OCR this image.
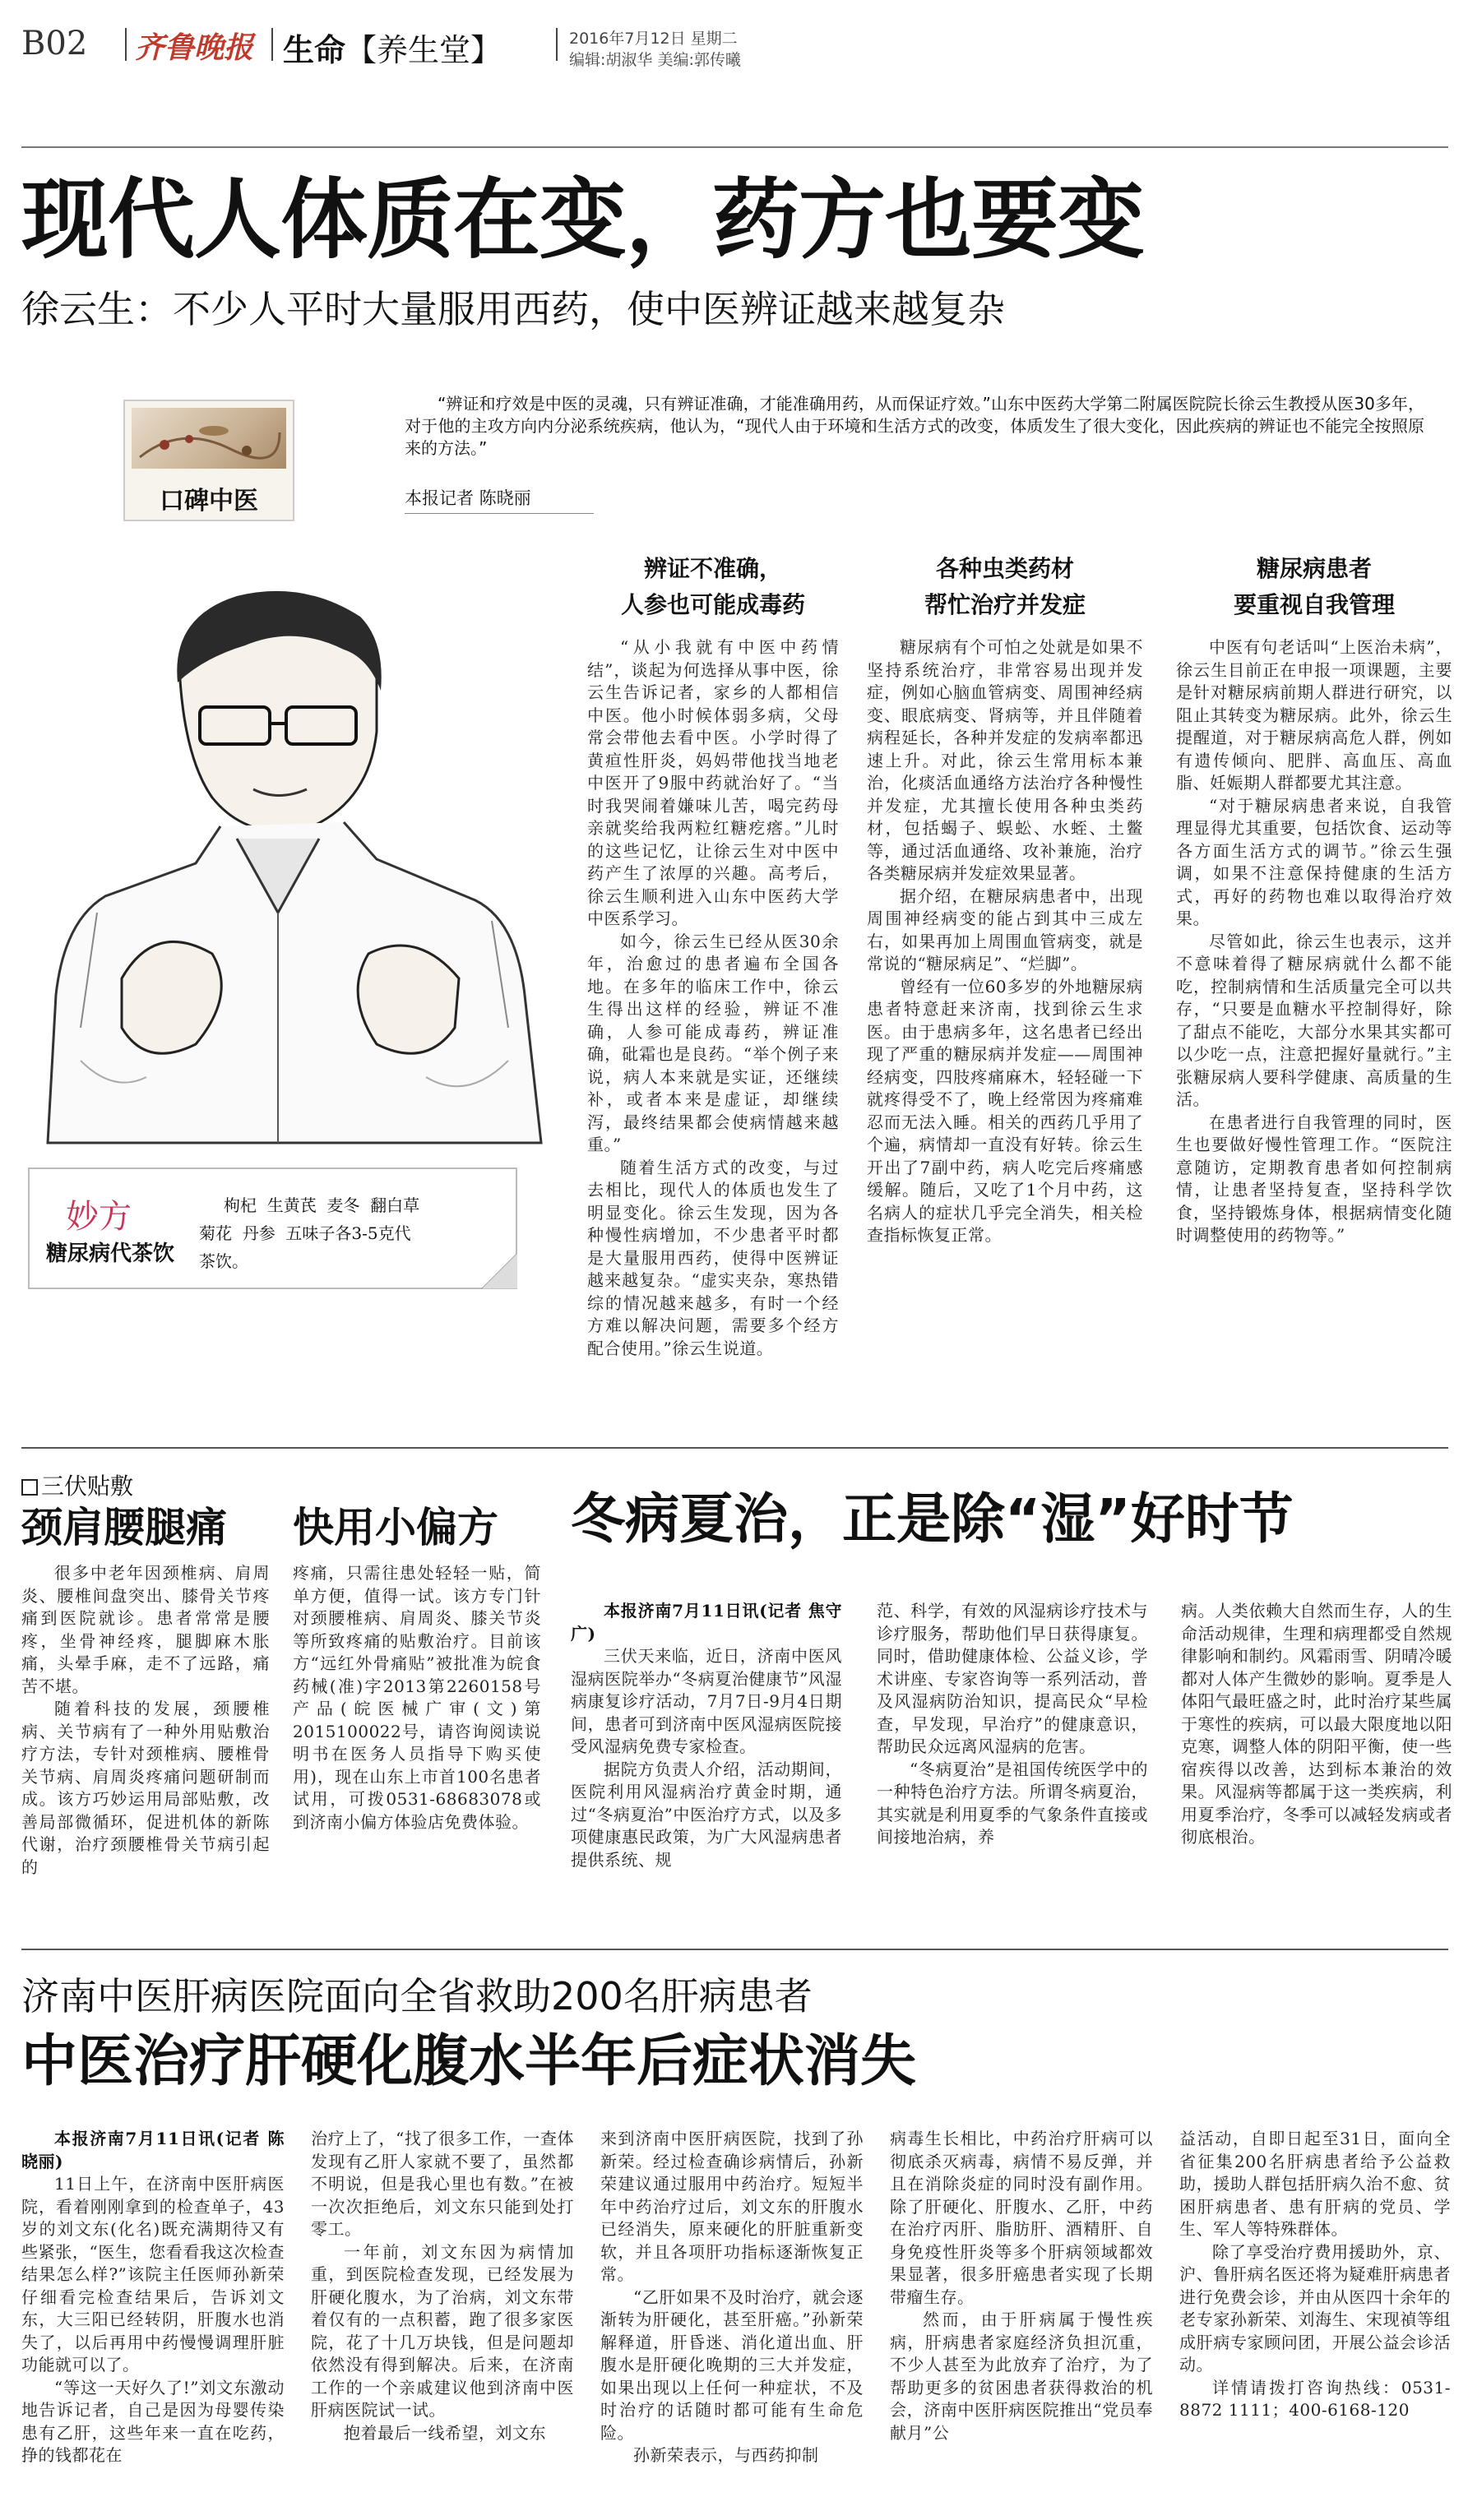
B02 齐鲁晚报 生命【养生堂】	2016年7月12日 星期二
编辑:胡淑华 美编:郭传曦
现代人体质在变，药方也要变
徐云生：不少人平时大量服用西药，使中医辨证越来越复杂
口碑中医
“辨证和疗效是中医的灵魂，只有辨证准确，才能准确用药，从而保证疗效。”山东中医药大学第二附属医院院长徐云生教授从医30多年，对于他的主攻方向内分泌系统疾病，他认为，“现代人由于环境和生活方式的改变，体质发生了很大变化，因此疾病的辨证也不能完全按照原来的方法。”
本报记者 陈晓丽
妙方
糖尿病代茶饮
枸杞  生黄芪  麦冬  翻白草
菊花  丹参  五味子各3-5克代
茶饮。
辨证不准确，
人参也可能成毒药

“从小我就有中医中药情结”，谈起为何选择从事中医，徐云生告诉记者，家乡的人都相信中医。他小时候体弱多病，父母常会带他去看中医。小学时得了黄疸性肝炎，妈妈带他找当地老中医开了9服中药就治好了。“当时我哭闹着嫌味儿苦，喝完药母亲就奖给我两粒红糖疙瘩。”儿时的这些记忆，让徐云生对中医中药产生了浓厚的兴趣。高考后，徐云生顺利进入山东中医药大学中医系学习。

如今，徐云生已经从医30余年，治愈过的患者遍布全国各地。在多年的临床工作中，徐云生得出这样的经验，辨证不准确，人参可能成毒药，辨证准确，砒霜也是良药。“举个例子来说，病人本来就是实证，还继续补，或者本来是虚证，却继续泻，最终结果都会使病情越来越重。”

随着生活方式的改变，与过去相比，现代人的体质也发生了明显变化。徐云生发现，因为各种慢性病增加，不少患者平时都是大量服用西药，使得中医辨证越来越复杂。“虚实夹杂，寒热错综的情况越来越多，有时一个经方难以解决问题，需要多个经方配合使用。”徐云生说道。

各种虫类药材
帮忙治疗并发症

糖尿病有个可怕之处就是如果不坚持系统治疗，非常容易出现并发症，例如心脑血管病变、周围神经病变、眼底病变、肾病等，并且伴随着病程延长，各种并发症的发病率都迅速上升。对此，徐云生常用标本兼治，化痰活血通络方法治疗各种慢性并发症，尤其擅长使用各种虫类药材，包括蝎子、蜈蚣、水蛭、土鳖等，通过活血通络、攻补兼施，治疗各类糖尿病并发症效果显著。

据介绍，在糖尿病患者中，出现周围神经病变的能占到其中三成左右，如果再加上周围血管病变，就是常说的“糖尿病足”、“烂脚”。

曾经有一位60多岁的外地糖尿病患者特意赶来济南，找到徐云生求医。由于患病多年，这名患者已经出现了严重的糖尿病并发症——周围神经病变，四肢疼痛麻木，轻轻碰一下就疼得受不了，晚上经常因为疼痛难忍而无法入睡。相关的西药几乎用了个遍，病情却一直没有好转。徐云生开出了7副中药，病人吃完后疼痛感缓解。随后，又吃了1个月中药，这名病人的症状几乎完全消失，相关检查指标恢复正常。

糖尿病患者
要重视自我管理

中医有句老话叫“上医治未病”，徐云生目前正在申报一项课题，主要是针对糖尿病前期人群进行研究，以阻止其转变为糖尿病。此外，徐云生提醒道，对于糖尿病高危人群，例如有遗传倾向、肥胖、高血压、高血脂、妊娠期人群都要尤其注意。

“对于糖尿病患者来说，自我管理显得尤其重要，包括饮食、运动等各方面生活方式的调节。”徐云生强调，如果不注意保持健康的生活方式，再好的药物也难以取得治疗效果。

尽管如此，徐云生也表示，这并不意味着得了糖尿病就什么都不能吃，控制病情和生活质量完全可以共存，“只要是血糖水平控制得好，除了甜点不能吃，大部分水果其实都可以少吃一点，注意把握好量就行。”主张糖尿病人要科学健康、高质量的生活。

在患者进行自我管理的同时，医生也要做好慢性管理工作。“医院注意随访，定期教育患者如何控制病情，让患者坚持复查，坚持科学饮食，坚持锻炼身体，根据病情变化随时调整使用的药物等。”

三伏贴敷
颈肩腰腿痛 快用小偏方

很多中老年因颈椎病、肩周炎、腰椎间盘突出、膝骨关节疼痛到医院就诊。患者常常是腰疼，坐骨神经疼，腿脚麻木胀痛，头晕手麻，走不了远路，痛苦不堪。

随着科技的发展，颈腰椎病、关节病有了一种外用贴敷治疗方法，专针对颈椎病、腰椎骨关节病、肩周炎疼痛问题研制而成。该方巧妙运用局部贴敷，改善局部微循环，促进机体的新陈代谢，治疗颈腰椎骨关节病引起的

疼痛，只需往患处轻轻一贴，简单方便，值得一试。该方专门针对颈腰椎病、肩周炎、膝关节炎等所致疼痛的贴敷治疗。目前该方“远红外骨痛贴”被批准为皖食药械(准)字2013第2260158号产品(皖医械广审(文)第2015100022号，请咨询阅读说明书在医务人员指导下购买使用)，现在山东上市首100名患者试用，可拨0531-68683078或到济南小偏方体验店免费体验。

冬病夏治，正是除“湿”好时节
本报济南7月11日讯(记者 焦守广)

三伏天来临，近日，济南中医风湿病医院举办“冬病夏治健康节”风湿病康复诊疗活动，7月7日-9月4日期间，患者可到济南中医风湿病医院接受风湿病免费专家检查。

据院方负责人介绍，活动期间，医院利用风湿病治疗黄金时期，通过“冬病夏治”中医治疗方式，以及多项健康惠民政策，为广大风湿病患者提供系统、规

范、科学，有效的风湿病诊疗技术与诊疗服务，帮助他们早日获得康复。同时，借助健康体检、公益义诊，学术讲座、专家咨询等一系列活动，普及风湿病防治知识，提高民众“早检查，早发现，早治疗”的健康意识，帮助民众远离风湿病的危害。

“冬病夏治”是祖国传统医学中的一种特色治疗方法。所谓冬病夏治，其实就是利用夏季的气象条件直接或间接地治病，养

病。人类依赖大自然而生存，人的生命活动规律，生理和病理都受自然规律影响和制约。风霜雨雪、阴晴冷暖都对人体产生微妙的影响。夏季是人体阳气最旺盛之时，此时治疗某些属于寒性的疾病，可以最大限度地以阳克寒，调整人体的阴阳平衡，使一些宿疾得以改善，达到标本兼治的效果。风湿病等都属于这一类疾病，利用夏季治疗，冬季可以减轻发病或者彻底根治。

济南中医肝病医院面向全省救助200名肝病患者
中医治疗肝硬化腹水半年后症状消失
本报济南7月11日讯(记者 陈晓丽)

11日上午，在济南中医肝病医院，看着刚刚拿到的检查单子，43岁的刘文东(化名)既充满期待又有些紧张，“医生，您看看我这次检查结果怎么样?”该院主任医师孙新荣仔细看完检查结果后，告诉刘文东，大三阳已经转阴，肝腹水也消失了，以后再用中药慢慢调理肝脏功能就可以了。

“等这一天好久了!”刘文东激动地告诉记者，自己是因为母婴传染患有乙肝，这些年来一直在吃药，挣的钱都花在

治疗上了，“找了很多工作，一查体发现有乙肝人家就不要了，虽然都不明说，但是我心里也有数。”在被一次次拒绝后，刘文东只能到处打零工。

一年前，刘文东因为病情加重，到医院检查发现，已经发展为肝硬化腹水，为了治病，刘文东带着仅有的一点积蓄，跑了很多家医院，花了十几万块钱，但是问题却依然没有得到解决。后来，在济南工作的一个亲戚建议他到济南中医肝病医院试一试。

抱着最后一线希望，刘文东

来到济南中医肝病医院，找到了孙新荣。经过检查确诊病情后，孙新荣建议通过服用中药治疗。短短半年中药治疗过后，刘文东的肝腹水已经消失，原来硬化的肝脏重新变软，并且各项肝功指标逐渐恢复正常。

“乙肝如果不及时治疗，就会逐渐转为肝硬化，甚至肝癌。”孙新荣解释道，肝昏迷、消化道出血、肝腹水是肝硬化晚期的三大并发症，如果出现以上任何一种症状，不及时治疗的话随时都可能有生命危险。

孙新荣表示，与西药抑制

病毒生长相比，中药治疗肝病可以彻底杀灭病毒，病情不易反弹，并且在消除炎症的同时没有副作用。除了肝硬化、肝腹水、乙肝，中药在治疗丙肝、脂肪肝、酒精肝、自身免疫性肝炎等多个肝病领域都效果显著，很多肝癌患者实现了长期带瘤生存。

然而，由于肝病属于慢性疾病，肝病患者家庭经济负担沉重，不少人甚至为此放弃了治疗，为了帮助更多的贫困患者获得救治的机会，济南中医肝病医院推出“党员奉献月”公

益活动，自即日起至31日，面向全省征集200名肝病患者给予公益救助，援助人群包括肝病久治不愈、贫困肝病患者、患有肝病的党员、学生、军人等特殊群体。

除了享受治疗费用援助外，京、沪、鲁肝病名医还将为疑难肝病患者进行免费会诊，并由从医四十余年的老专家孙新荣、刘海生、宋现禎等组成肝病专家顾问团，开展公益会诊活动。

详情请拨打咨询热线：0531-8872 1111；400-6168-120
